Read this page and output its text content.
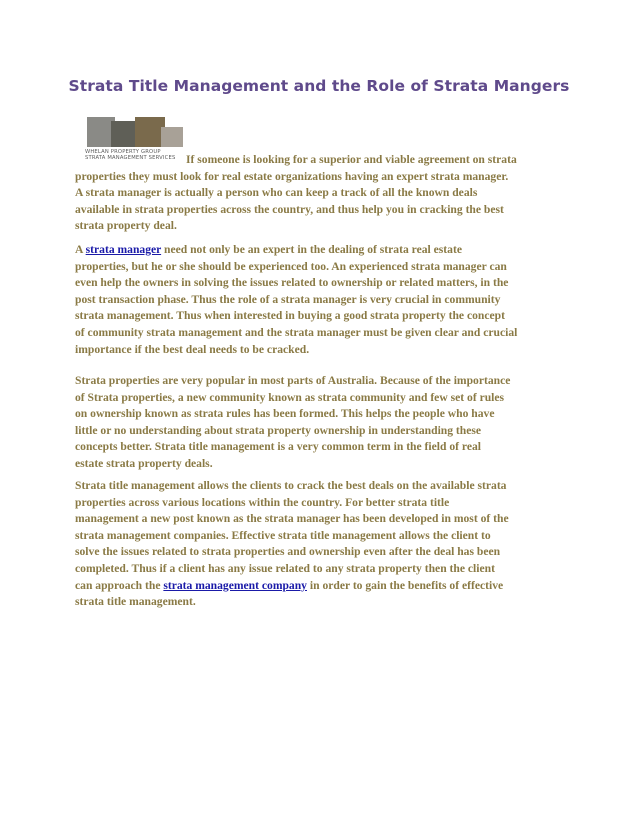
Strata Title Management and the Role of Strata Mangers
WHELAN PROPERTY GROUP
STRATA MANAGEMENT SERVICES If someone is looking for a superior and viable agreement on strata

properties they must look for real estate organizations having an expert strata manager.
A strata manager is actually a person who can keep a track of all the known deals
available in strata properties across the country, and thus help you in cracking the best
strata property deal.

A strata manager need not only be an expert in the dealing of strata real estate
properties, but he or she should be experienced too. An experienced strata manager can
even help the owners in solving the issues related to ownership or related matters, in the
post transaction phase. Thus the role of a strata manager is very crucial in community
strata management. Thus when interested in buying a good strata property the concept
of community strata management and the strata manager must be given clear and crucial
importance if the best deal needs to be cracked.

Strata properties are very popular in most parts of Australia. Because of the importance
of Strata properties, a new community known as strata community and few set of rules
on ownership known as strata rules has been formed. This helps the people who have
little or no understanding about strata property ownership in understanding these
concepts better. Strata title management is a very common term in the field of real
estate strata property deals.

Strata title management allows the clients to crack the best deals on the available strata
properties across various locations within the country. For better strata title
management a new post known as the strata manager has been developed in most of the
strata management companies. Effective strata title management allows the client to
solve the issues related to strata properties and ownership even after the deal has been
completed. Thus if a client has any issue related to any strata property then the client
can approach the strata management company in order to gain the benefits of effective
strata title management.
